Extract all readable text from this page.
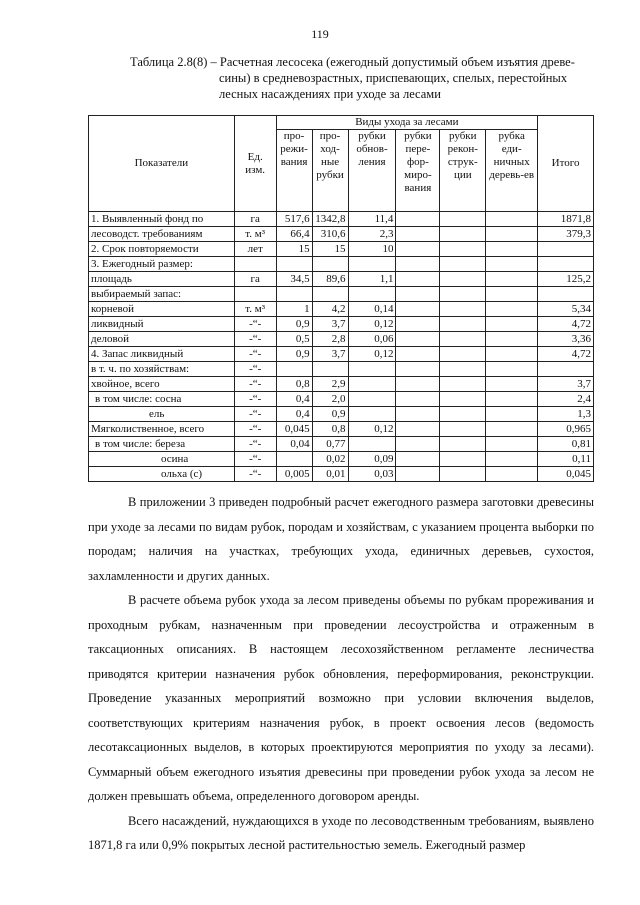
119
Таблица 2.8(8) – Расчетная лесосека (ежегодный допустимый объем изъятия древе-
сины) в средневозрастных, приспевающих, спелых, перестойных
лесных насаждениях при уходе за лесами
Показатели	Ед. изм.	Виды ухода за лесами						Итого
		про-режи-вания	про-ход-ные рубки	рубки обнов-ления	рубки пере-фор-миро-вания	рубки рекон-струк-ции	рубка еди-ничных деревь-ев	
1. Выявленный фонд по	га	517,6	1342,8	11,4				1871,8
лесоводст. требованиям	т. м³	66,4	310,6	2,3				379,3
2. Срок повторяемости	лет	15	15	10				
3. Ежегодный размер:								
площадь	га	34,5	89,6	1,1				125,2
выбираемый запас:								
корневой	т. м³	1	4,2	0,14				5,34
ликвидный	-“-	0,9	3,7	0,12				4,72
деловой	-“-	0,5	2,8	0,06				3,36
4. Запас ликвидный	-“-	0,9	3,7	0,12				4,72
в т. ч. по хозяйствам:	-“-							
хвойное, всего	-“-	0,8	2,9					3,7
в том числе: сосна	-“-	0,4	2,0					2,4
ель	-“-	0,4	0,9					1,3
Мягколиственное, всего	-“-	0,045	0,8	0,12				0,965
в том числе: береза	-“-	0,04	0,77					0,81
осина	-“-		0,02	0,09				0,11
ольха (с)	-“-	0,005	0,01	0,03				0,045

В приложении 3 приведен подробный расчет ежегодного размера заготовки древесины при уходе за лесами по видам рубок, породам и хозяйствам, с указанием процента выборки по породам; наличия на участках, требующих ухода, единичных деревьев, сухостоя, захламленности и других данных.

В расчете объема рубок ухода за лесом приведены объемы по рубкам прореживания и проходным рубкам, назначенным при проведении лесоустройства и отраженным в таксационных описаниях. В настоящем лесохозяйственном регламенте лесничества приводятся критерии назначения рубок обновления, переформирования, реконструкции. Проведение указанных мероприятий возможно при условии включения выделов, соответствующих критериям назначения рубок, в проект освоения лесов (ведомость лесотаксационных выделов, в которых проектируются мероприятия по уходу за лесами). Суммарный объем ежегодного изъятия древесины при проведении рубок ухода за лесом не должен превышать объема, определенного договором аренды.

Всего насаждений, нуждающихся в уходе по лесоводственным требованиям, выявлено 1871,8 га или 0,9% покрытых лесной растительностью земель. Ежегодный размер
